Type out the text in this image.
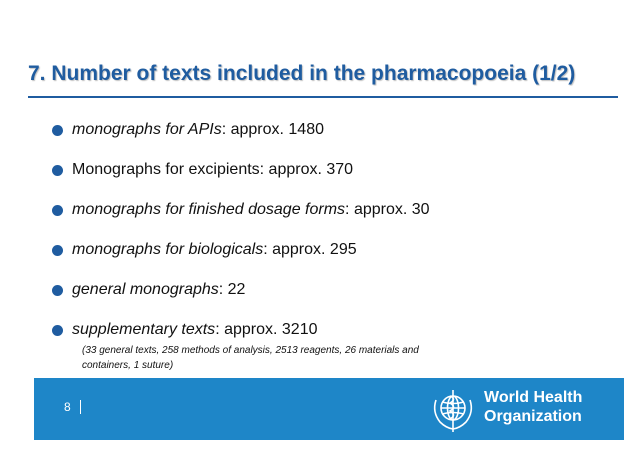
7. Number of texts included in the pharmacopoeia (1/2)
monographs for APIs : approx. 1480
Monographs for excipients : approx. 370
monographs for finished dosage forms : approx. 30
monographs for biologicals : approx. 295
general monographs : 22
supplementary texts : approx. 3210
(33 general texts, 258 methods of analysis, 2513 reagents, 26 materials and
containers, 1 suture)
8
World Health
Organization
